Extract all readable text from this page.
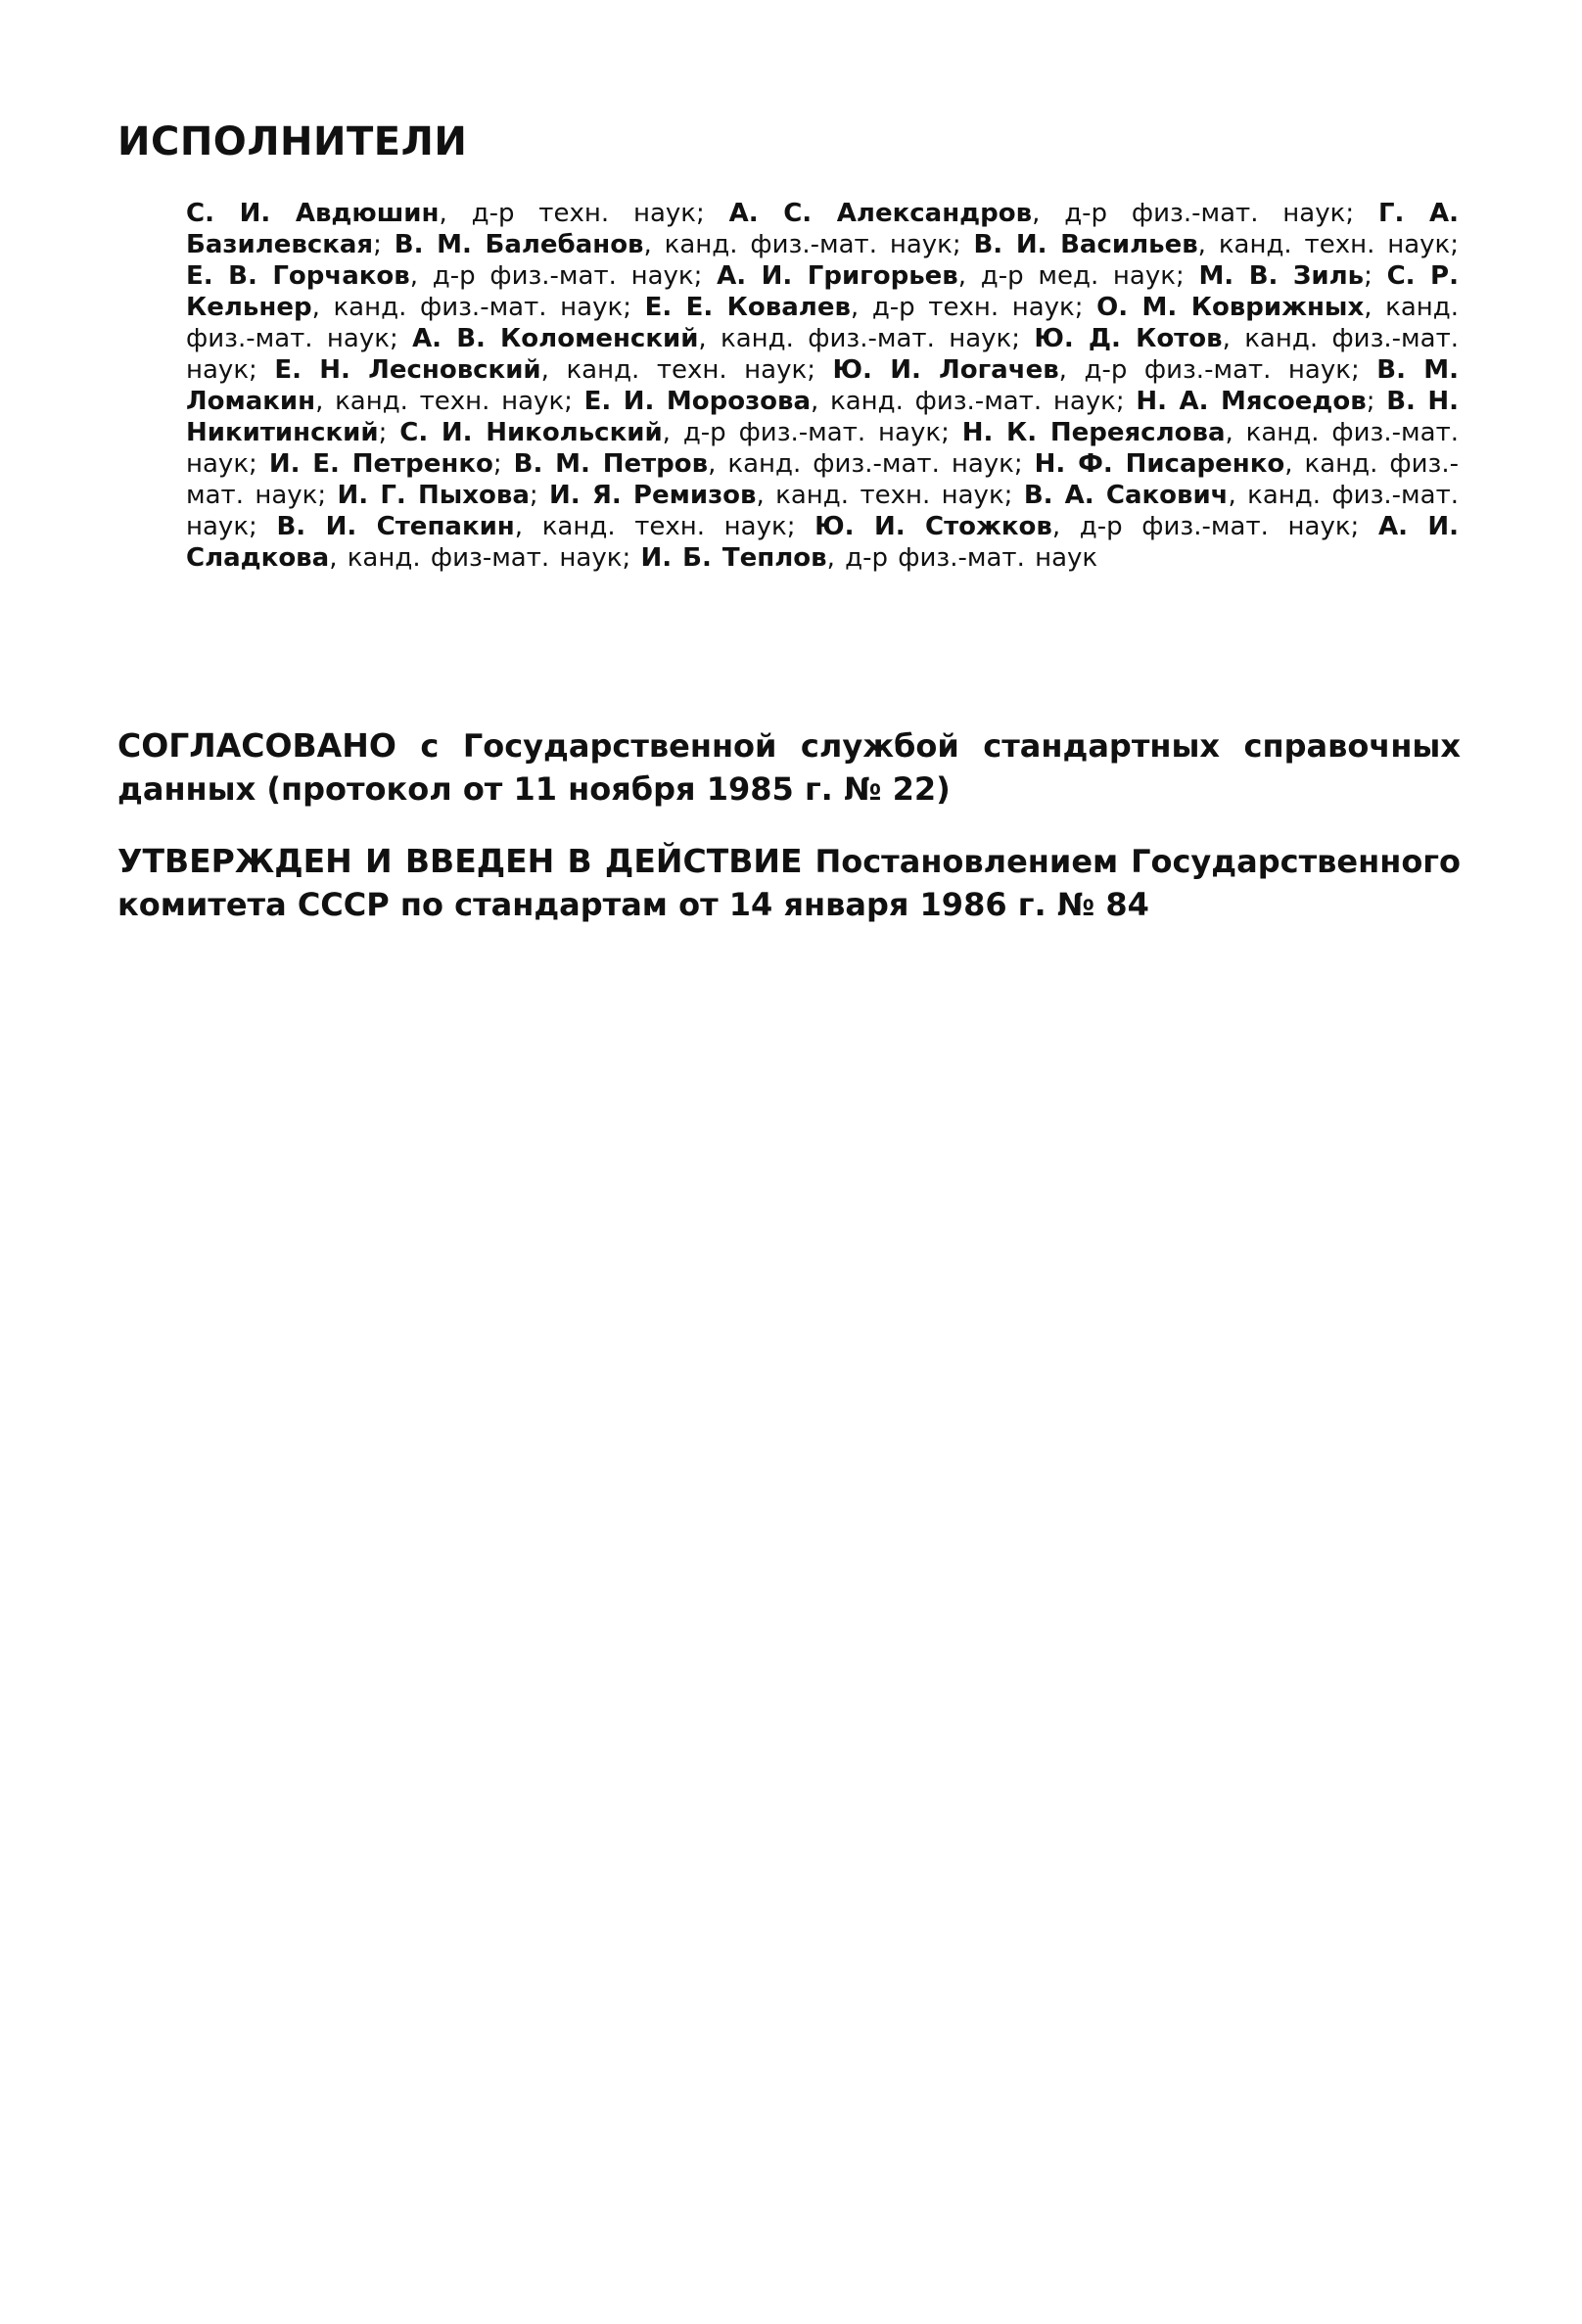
ИСПОЛНИТЕЛИ

С. И. Авдюшин, д-р техн. наук; А. С. Александров, д-р физ.-мат. наук; Г. А. Базилевская; В. М. Балебанов, канд. физ.-мат. наук; В. И. Васильев, канд. техн. наук; Е. В. Горчаков, д-р физ.-мат. наук; А. И. Григорьев, д-р мед. наук; М. В. Зиль; С. Р. Кельнер, канд. физ.-мат. наук; Е. Е. Ковалев, д-р техн. наук; О. М. Коврижных, канд. физ.-мат. наук; А. В. Коломенский, канд. физ.-мат. наук; Ю. Д. Котов, канд. физ.-мат. наук; Е. Н. Лесновский, канд. техн. наук; Ю. И. Логачев, д-р физ.-мат. наук; В. М. Ломакин, канд. техн. наук; Е. И. Морозова, канд. физ.-мат. наук; Н. А. Мясоедов; В. Н. Никитинский; С. И. Никольский, д-р физ.-мат. наук; Н. К. Переяслова, канд. физ.-мат. наук; И. Е. Петренко; В. М. Петров, канд. физ.-мат. наук; Н. Ф. Писаренко, канд. физ.-мат. наук; И. Г. Пыхова; И. Я. Ремизов, канд. техн. наук; В. А. Сакович, канд. физ.-мат. наук; В. И. Степакин, канд. техн. наук; Ю. И. Стожков, д-р физ.-мат. наук; А. И. Сладкова, канд. физ-мат. наук; И. Б. Теплов, д-р физ.-мат. наук

СОГЛАСОВАНО с Государственной службой стандартных справочных данных (протокол от 11 ноября 1985 г. № 22)

УТВЕРЖДЕН И ВВЕДЕН В ДЕЙСТВИЕ Постановлением Государственного комитета СССР по стандартам от 14 января 1986 г. № 84
